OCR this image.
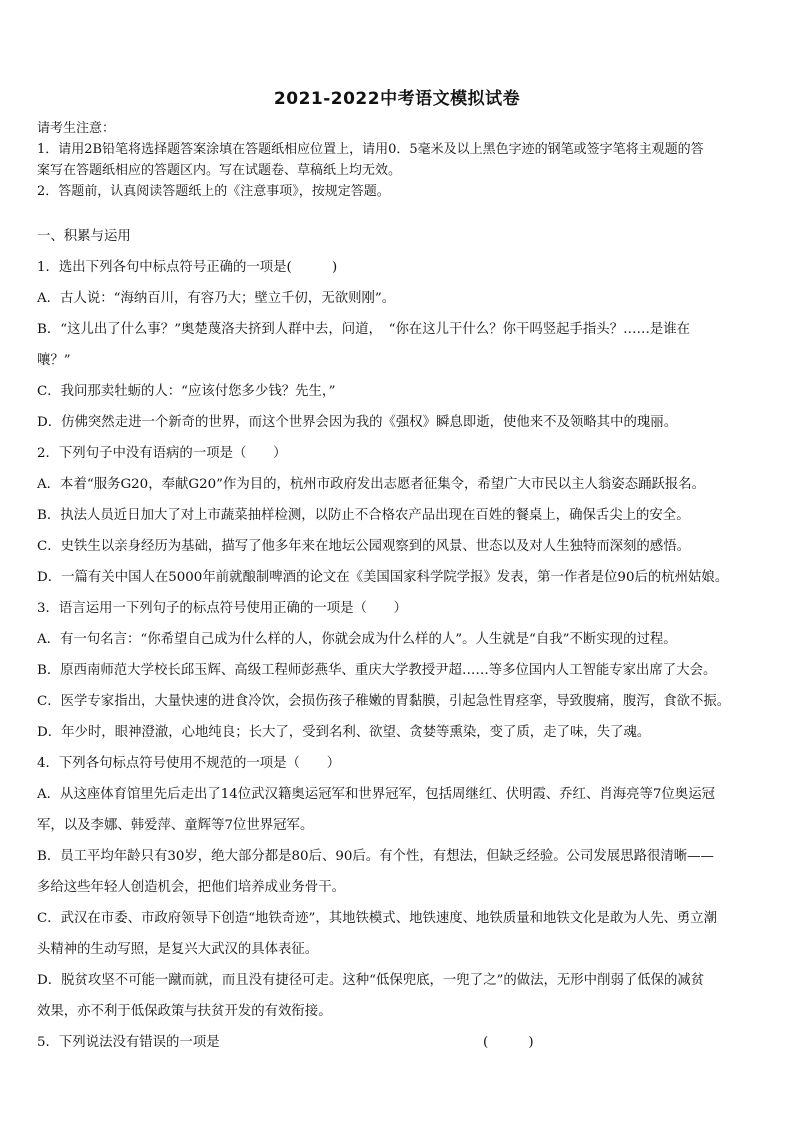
2021-2022中考语文模拟试卷

请考生注意：

1．请用2B铅笔将选择题答案涂填在答题纸相应位置上，请用0．5毫米及以上黑色字迹的钢笔或签字笔将主观题的答

案写在答题纸相应的答题区内。写在试题卷、草稿纸上均无效。

2．答题前，认真阅读答题纸上的《注意事项》，按规定答题。

一、积累与运用

1．选出下列各句中标点符号正确的一项是(　　　)

A．古人说：“海纳百川，有容乃大；壁立千仞，无欲则刚”。

B．“这儿出了什么事？”奥楚蔑洛夫挤到人群中去，问道，　“你在这儿干什么？你干吗竖起手指头？……是谁在

嚷？”

C．我问那卖牡蛎的人：“应该付您多少钱？先生，”

D．仿佛突然走进一个新奇的世界，而这个世界会因为我的《强权》瞬息即逝，使他来不及领略其中的瑰丽。

2．下列句子中没有语病的一项是（　　）

A．本着“服务G20，奉献G20”作为目的，杭州市政府发出志愿者征集令，希望广大市民以主人翁姿态踊跃报名。

B．执法人员近日加大了对上市蔬菜抽样检测，以防止不合格农产品出现在百姓的餐桌上，确保舌尖上的安全。

C．史铁生以亲身经历为基础，描写了他多年来在地坛公园观察到的风景、世态以及对人生独特而深刻的感悟。

D．一篇有关中国人在5000年前就酿制啤酒的论文在《美国国家科学院学报》发表，第一作者是位90后的杭州姑娘。

3．语言运用一下列句子的标点符号使用正确的一项是（　　）

A．有一句名言：“你希望自己成为什么样的人，你就会成为什么样的人”。人生就是“自我”不断实现的过程。

B．原西南师范大学校长邱玉辉、高级工程师彭燕华、重庆大学教授尹超……等多位国内人工智能专家出席了大会。

C．医学专家指出，大量快速的进食冷饮，会损伤孩子稚嫩的胃黏膜，引起急性胃痉挛，导致腹痛，腹泻，食欲不振。

D．年少时，眼神澄澈，心地纯良；长大了，受到名利、欲望、贪婪等熏染，变了质，走了味，失了魂。

4．下列各句标点符号使用不规范的一项是（　　）

A．从这座体育馆里先后走出了14位武汉籍奥运冠军和世界冠军，包括周继红、伏明霞、乔红、肖海亮等7位奥运冠

军，以及李娜、韩爱萍、童辉等7位世界冠军。

B．员工平均年龄只有30岁，绝大部分都是80后、90后。有个性，有想法，但缺乏经验。公司发展思路很清晰——

多给这些年轻人创造机会，把他们培养成业务骨干。

C．武汉在市委、市政府领导下创造“地铁奇迹”，其地铁模式、地铁速度、地铁质量和地铁文化是敢为人先、勇立潮

头精神的生动写照，是复兴大武汉的具体表征。

D．脱贫攻坚不可能一蹴而就，而且没有捷径可走。这种“低保兜底，一兜了之”的做法，无形中削弱了低保的减贫

效果，亦不利于低保政策与扶贫开发的有效衔接。

5．下列说法没有错误的一项是	(　　　)
